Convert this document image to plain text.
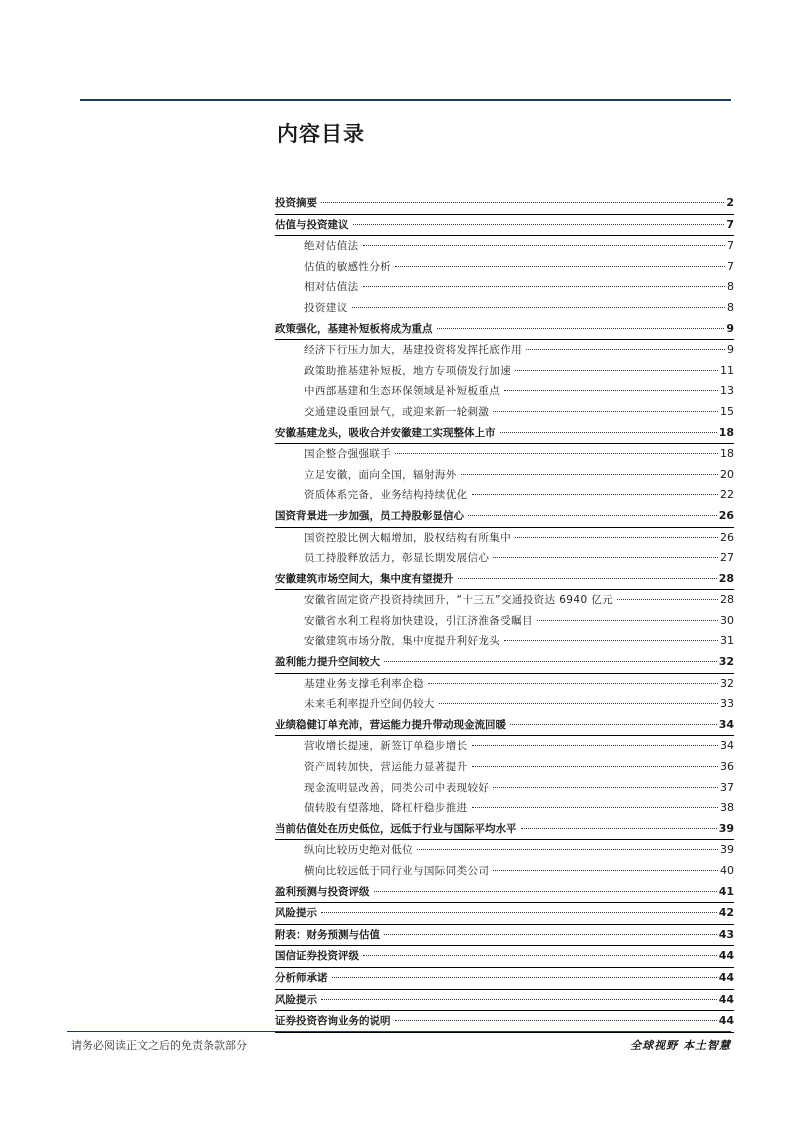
内容目录
投资摘要	2
估值与投资建议	7
绝对估值法	7
估值的敏感性分析	7
相对估值法	8
投资建议	8
政策强化，基建补短板将成为重点	9
经济下行压力加大，基建投资将发挥托底作用	9
政策助推基建补短板，地方专项债发行加速	11
中西部基建和生态环保领域是补短板重点	13
交通建设重回景气，或迎来新一轮刺激	15
安徽基建龙头，吸收合并安徽建工实现整体上市	18
国企整合强强联手	18
立足安徽，面向全国，辐射海外	20
资质体系完备，业务结构持续优化	22
国资背景进一步加强，员工持股彰显信心	26
国资控股比例大幅增加，股权结构有所集中	26
员工持股释放活力，彰显长期发展信心	27
安徽建筑市场空间大，集中度有望提升	28
安徽省固定资产投资持续回升，“十三五”交通投资达 6940 亿元	28
安徽省水利工程将加快建设，引江济淮备受瞩目	30
安徽建筑市场分散，集中度提升利好龙头	31
盈利能力提升空间较大	32
基建业务支撑毛利率企稳	32
未来毛利率提升空间仍较大	33
业绩稳健订单充沛，营运能力提升带动现金流回暖	34
营收增长提速，新签订单稳步增长	34
资产周转加快，营运能力显著提升	36
现金流明显改善，同类公司中表现较好	37
债转股有望落地，降杠杆稳步推进	38
当前估值处在历史低位，远低于行业与国际平均水平	39
纵向比较历史绝对低位	39
横向比较远低于同行业与国际同类公司	40
盈利预测与投资评级	41
风险提示	42
附表：财务预测与估值	43
国信证券投资评级	44
分析师承诺	44
风险提示	44
证券投资咨询业务的说明	44
请务必阅读正文之后的免责条款部分	全球视野 本土智慧
